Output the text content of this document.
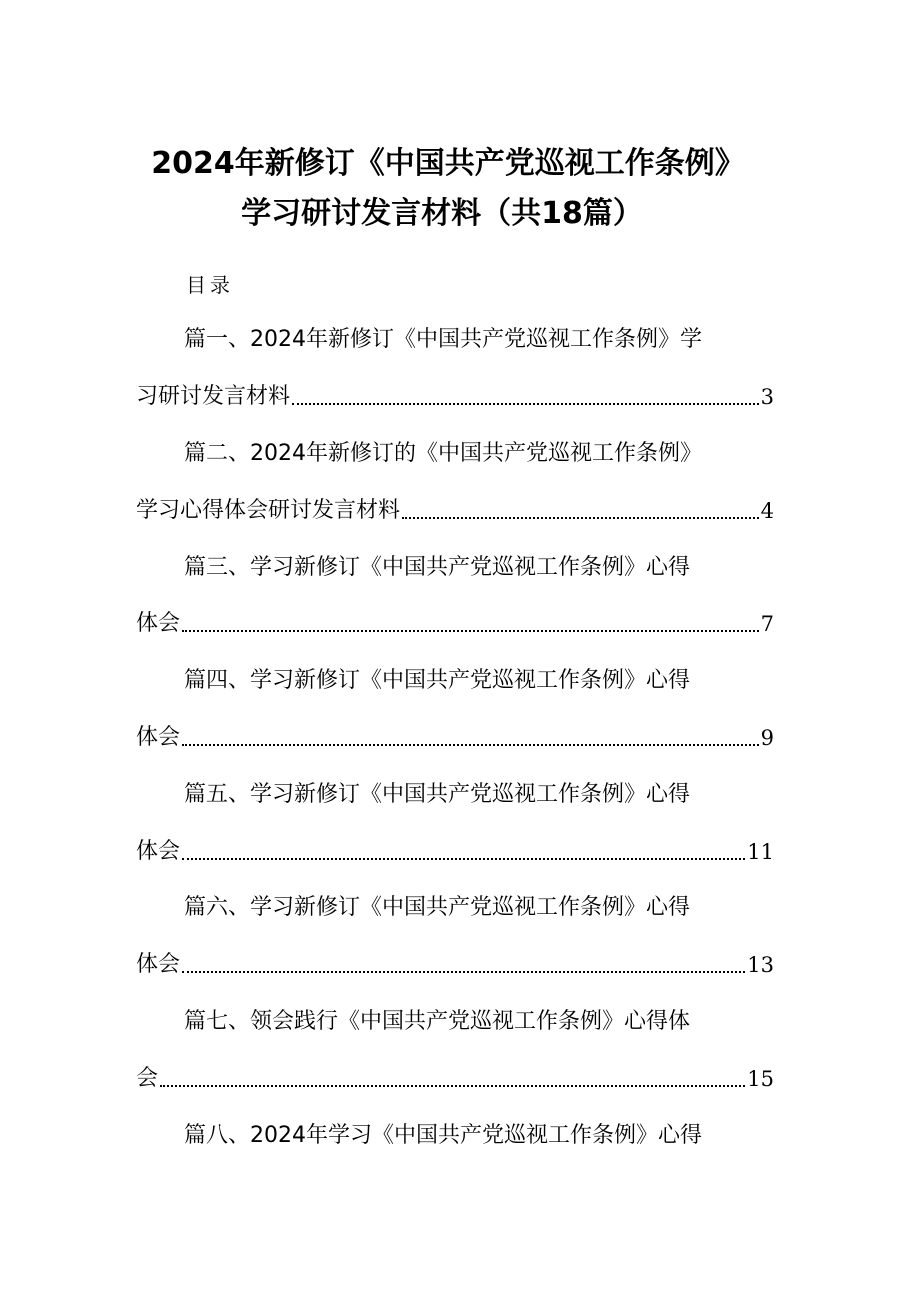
2024年新修订《中国共产党巡视工作条例》
学习研讨发言材料（共18篇）
目录
篇一、2024年新修订《中国共产党巡视工作条例》学
习研讨发言材料	3
篇二、2024年新修订的《中国共产党巡视工作条例》
学习心得体会研讨发言材料	4
篇三、学习新修订《中国共产党巡视工作条例》心得
体会	7
篇四、学习新修订《中国共产党巡视工作条例》心得
体会	9
篇五、学习新修订《中国共产党巡视工作条例》心得
体会	11
篇六、学习新修订《中国共产党巡视工作条例》心得
体会	13
篇七、领会践行《中国共产党巡视工作条例》心得体
会	15
篇八、2024年学习《中国共产党巡视工作条例》心得
